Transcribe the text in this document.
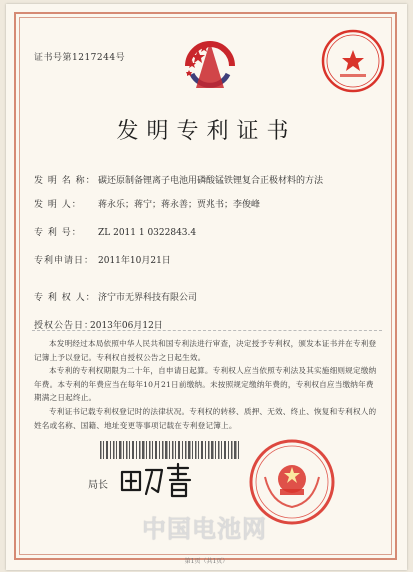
证书号第1217244号
发明专利证书
发 明 名 称： 碳还原制备锂离子电池用磷酸锰铁锂复合正极材料的方法
发 明 人： 蒋永乐；蒋宁；蒋永善；贾兆书；李俊峰
专 利 号： ZL 2011 1 0322843.4
专利申请日： 2011年10月21日
专 利 权 人： 济宁市无界科技有限公司
授权公告日：2013年06月12日

本发明经过本局依照中华人民共和国专利法进行审查，决定授予专利权，颁发本证书并在专利登记簿上予以登记。专利权自授权公告之日起生效。

本专利的专利权期限为二十年，自申请日起算。专利权人应当依照专利法及其实施细则规定缴纳年费。本专利的年费应当在每年10月21日前缴纳。未按照规定缴纳年费的，专利权自应当缴纳年费期满之日起终止。

专利证书记载专利权登记时的法律状况。专利权的转移、质押、无效、终止、恢复和专利权人的姓名或名称、国籍、地址变更等事项记载在专利登记簿上。

局长
中国电池网
第1页（共1页）
